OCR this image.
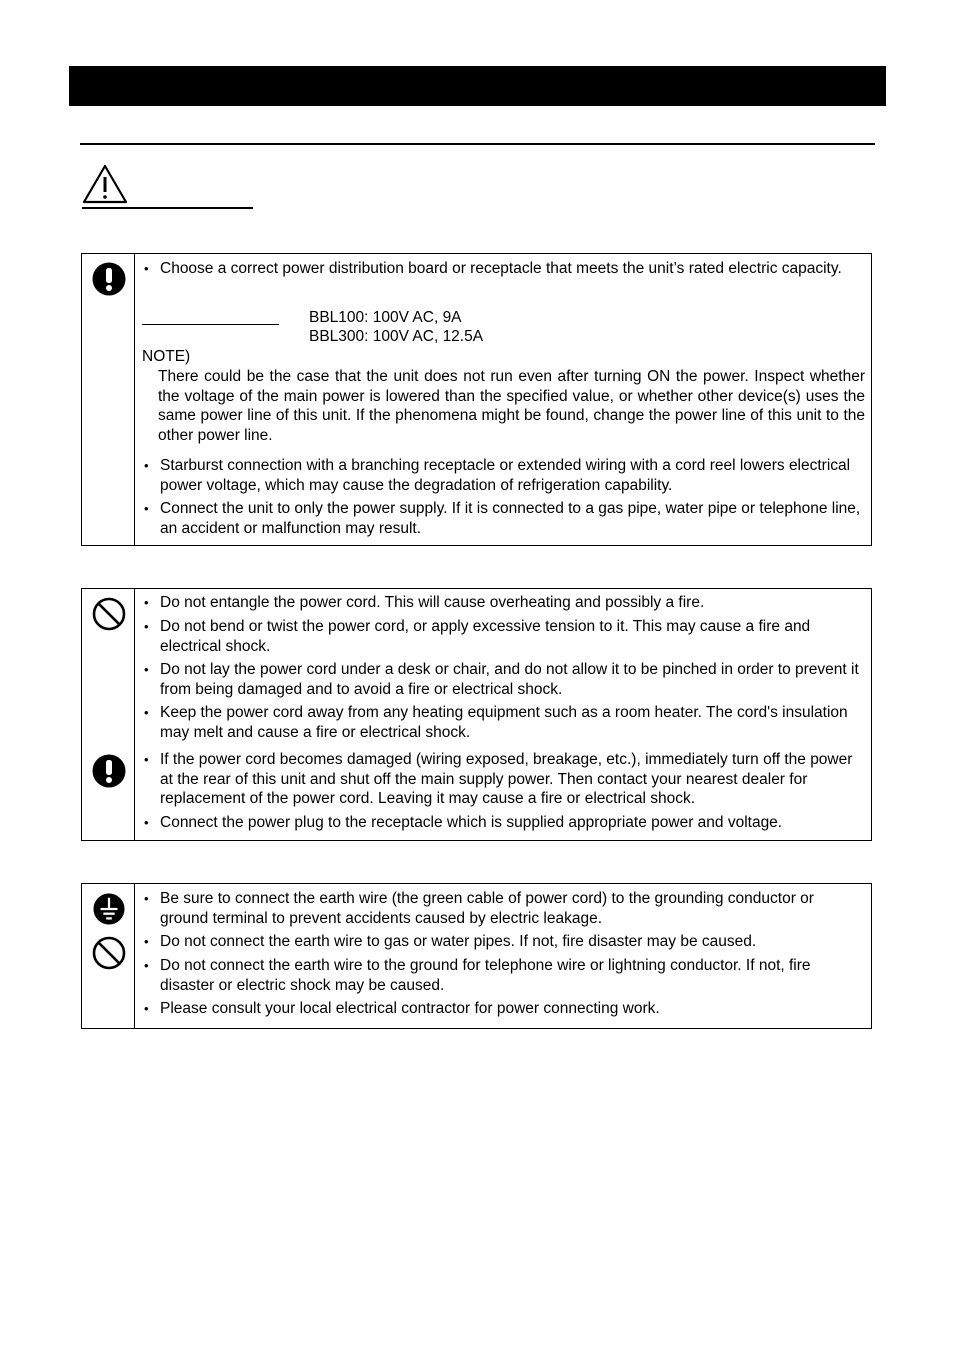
• Choose a correct power distribution board or receptacle that meets the unit’s rated electric capacity.
BBL100: 100V AC, 9A
BBL300: 100V AC, 12.5A
NOTE)
There could be the case that the unit does not run even after turning ON the power. Inspect whether the voltage of the main power is lowered than the specified value, or whether other device(s) uses the same power line of this unit. If the phenomena might be found, change the power line of this unit to the other power line.
• Starburst connection with a branching receptacle or extended wiring with a cord reel lowers electrical power voltage, which may cause the degradation of refrigeration capability.
• Connect the unit to only the power supply. If it is connected to a gas pipe, water pipe or telephone line, an accident or malfunction may result.
• Do not entangle the power cord. This will cause overheating and possibly a fire.
• Do not bend or twist the power cord, or apply excessive tension to it. This may cause a fire and electrical shock.
• Do not lay the power cord under a desk or chair, and do not allow it to be pinched in order to prevent it from being damaged and to avoid a fire or electrical shock.
• Keep the power cord away from any heating equipment such as a room heater. The cord's insulation may melt and cause a fire or electrical shock.
• If the power cord becomes damaged (wiring exposed, breakage, etc.), immediately turn off the power at the rear of this unit and shut off the main supply power. Then contact your nearest dealer for replacement of the power cord. Leaving it may cause a fire or electrical shock.
• Connect the power plug to the receptacle which is supplied appropriate power and voltage.
• Be sure to connect the earth wire (the green cable of power cord) to the grounding conductor or ground terminal to prevent accidents caused by electric leakage.
• Do not connect the earth wire to gas or water pipes. If not, fire disaster may be caused.
• Do not connect the earth wire to the ground for telephone wire or lightning conductor. If not, fire disaster or electric shock may be caused.
• Please consult your local electrical contractor for power connecting work.
